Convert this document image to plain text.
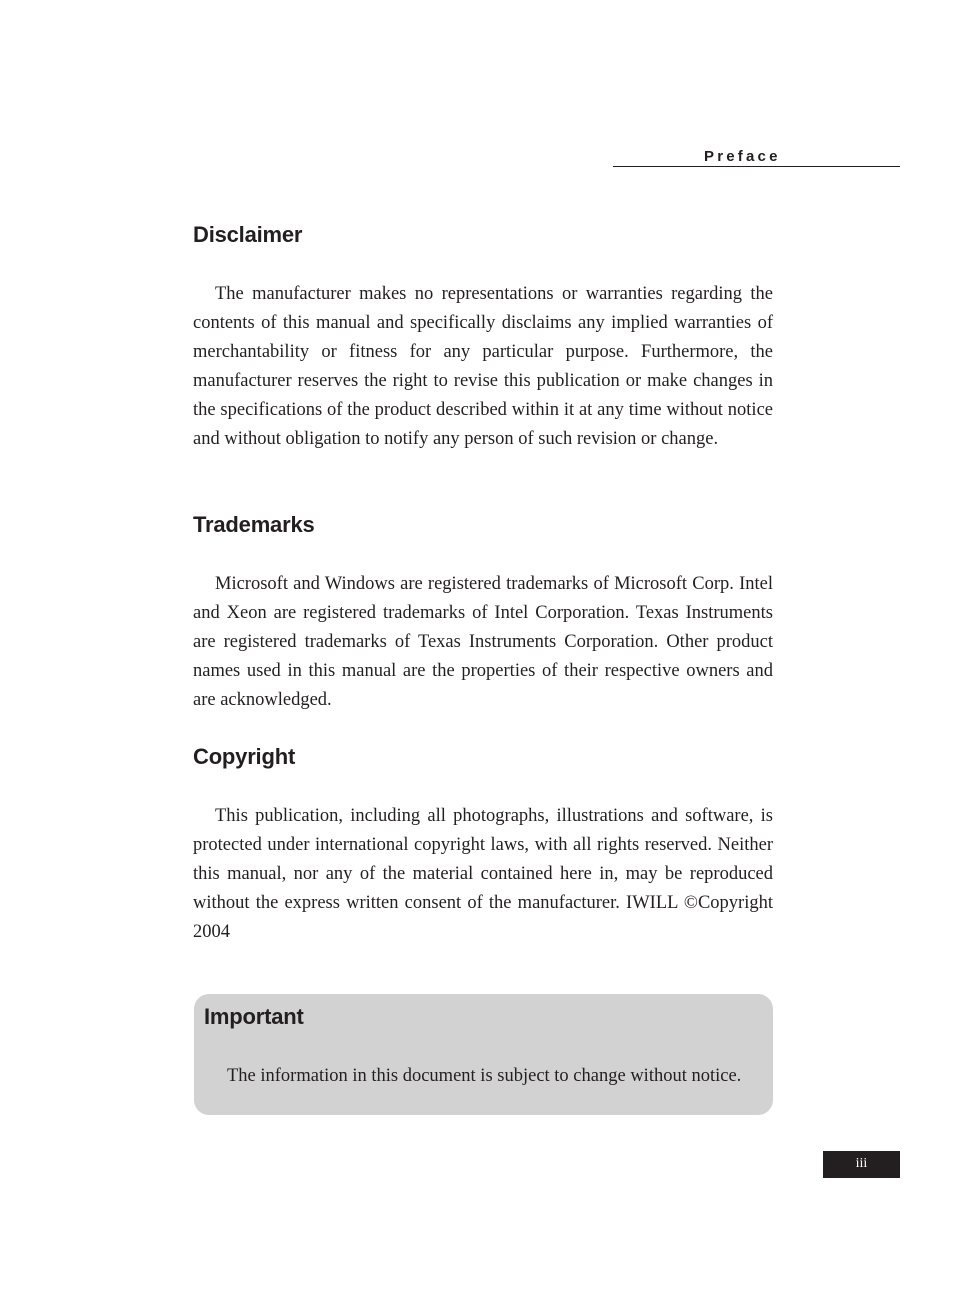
Preface
Disclaimer

The manufacturer makes no representations or warranties regarding the contents of this manual and specifically disclaims any implied warranties of merchantability or fitness for any particular purpose. Furthermore, the manufacturer reserves the right to revise this publication or make changes in the specifications of the product described within it at any time without notice and without obligation to notify any person of such revision or change.

Trademarks

Microsoft and Windows are registered trademarks of Microsoft Corp. Intel and Xeon are registered trademarks of Intel Corporation. Texas Instruments are registered trademarks of Texas Instruments Corporation. Other product names used in this manual are the properties of their respective owners and are acknowledged.

Copyright

This publication, including all photographs, illustrations and software, is protected under international copyright laws, with all rights reserved. Neither this manual, nor any of the material contained here in, may be reproduced without the express written consent of the manufacturer. IWILL ©Copyright 2004

Important

The information in this document is subject to change without notice.

iii
